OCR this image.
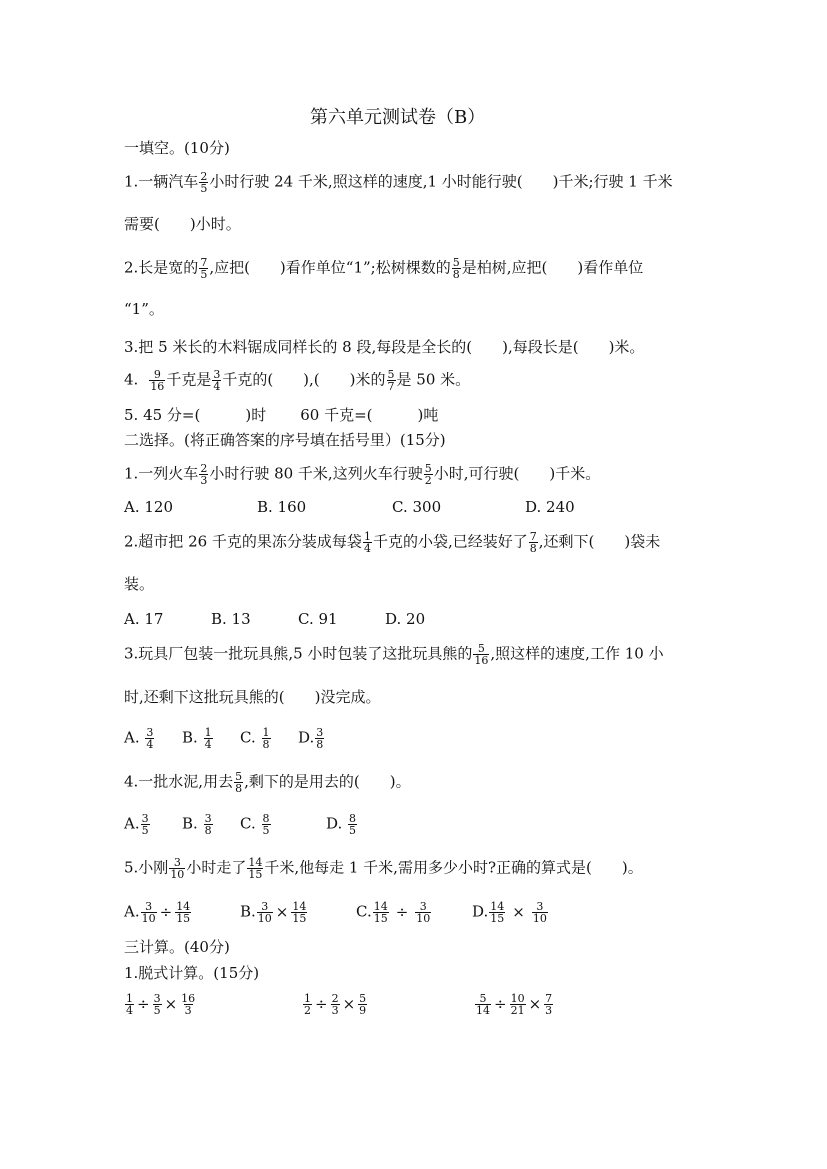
第六单元测试卷（B）
一填空。(10分)
1.一辆汽车 $\frac{2}{5}$ 小时行驶 24 千米,照这样的速度,1 小时能行驶(　　)千米;行驶 1 千米
需要(　　)小时。
2.长是宽的 $\frac{7}{5}$ ,应把(　　)看作单位“1”;松树棵数的 $\frac{5}{8}$ 是柏树,应把(　　)看作单位
“1”。
3.把 5 米长的木料锯成同样长的 8 段,每段是全长的(　　),每段长是(　　)米。
4. $\frac{9}{16}$ 千克是 $\frac{3}{4}$ 千克的(　　),(　　)米的 $\frac{5}{7}$ 是 50 米。
5. 45 分=(　　　)时 60 千克=(　　　)吨
二选择。(将正确答案的序号填在括号里）(15分)
1.一列火车 $\frac{2}{3}$ 小时行驶 80 千米,这列火车行驶 $\frac{5}{2}$ 小时,可行驶(　　)千米。
A. 120	B. 160	C. 300	D. 240
2.超市把 26 千克的果冻分装成每袋 $\frac{1}{4}$ 千克的小袋,已经装好了 $\frac{7}{8}$ ,还剩下(　　)袋未
装。
A. 17	B. 13	C. 91	D. 20
3.玩具厂包装一批玩具熊,5 小时包装了这批玩具熊的 $\frac{5}{16}$ ,照这样的速度,工作 10 小
时,还剩下这批玩具熊的(　　)没完成。
A. $\frac{3}{4} B$. $\frac{1}{4} C$. $\frac{1}{8} D$. $\frac{3}{8}$
4.一批水泥,用去 $\frac{5}{8}$ ,剩下的是用去的(　　)。
A. $\frac{3}{5} B$. $\frac{3}{8} C$. $\frac{8}{5}$	D. $\frac{8}{5}$
5.小刚 $\frac{3}{10}$ 小时走了 $\frac{14}{15}$ 千米,他每走 1 千米,需用多少小时?正确的算式是(　　)。
A. $\frac{3}{10} \div \frac{14}{15}$	B. $\frac{3}{10} \times \frac{14}{15}$	C. $\frac{14}{15} \div \frac{3}{10}$	D. $\frac{14}{15} \times \frac{3}{10}$
三计算。(40分)
1.脱式计算。(15分)
$\frac{1}{4} \div \frac{3}{5} \times \frac{16}{3}$	$\frac{1}{2} \div \frac{2}{3} \times \frac{5}{9}$	$\frac{5}{14} \div \frac{10}{21} \times \frac{7}{3}$
